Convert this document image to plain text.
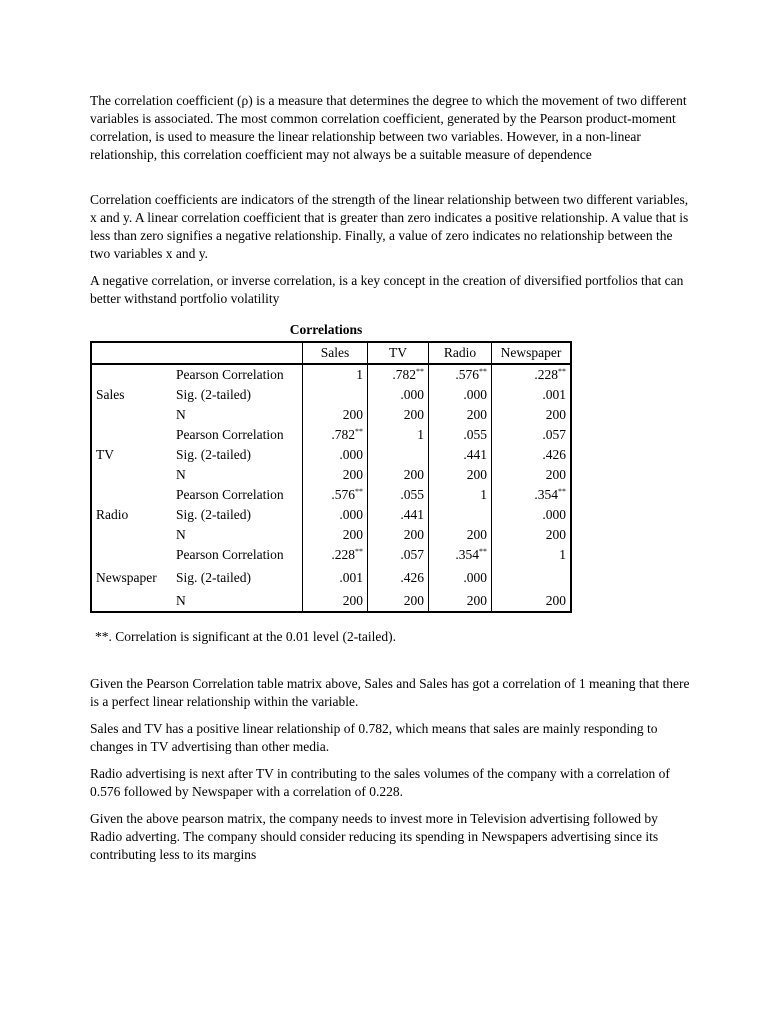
The correlation coefficient (ρ) is a measure that determines the degree to which the movement of two different variables is associated. The most common correlation coefficient, generated by the Pearson product-moment correlation, is used to measure the linear relationship between two variables. However, in a non-linear relationship, this correlation coefficient may not always be a suitable measure of dependence

Correlation coefficients are indicators of the strength of the linear relationship between two different variables, x and y. A linear correlation coefficient that is greater than zero indicates a positive relationship. A value that is less than zero signifies a negative relationship. Finally, a value of zero indicates no relationship between the two variables x and y.

A negative correlation, or inverse correlation, is a key concept in the creation of diversified portfolios that can better withstand portfolio volatility

Correlations
		Sales	TV	Radio	Newspaper
Sales	Pearson Correlation	1	.782**	.576**	.228**
	Sig. (2-tailed)		.000	.000	.001
	N	200	200	200	200
TV	Pearson Correlation	.782**	1	.055	.057
	Sig. (2-tailed)	.000		.441	.426
	N	200	200	200	200
Radio	Pearson Correlation	.576**	.055	1	.354**
	Sig. (2-tailed)	.000	.441		.000
	N	200	200	200	200
Newspaper	Pearson Correlation	.228**	.057	.354**	1
	Sig. (2-tailed)	.001	.426	.000	
	N	200	200	200	200
**. Correlation is significant at the 0.01 level (2-tailed).

Given the Pearson Correlation table matrix above, Sales and Sales has got a correlation of 1 meaning that there is a perfect linear relationship within the variable.

Sales and TV has a positive linear relationship of 0.782, which means that sales are mainly responding to changes in TV advertising than other media.

Radio advertising is next after TV in contributing to the sales volumes of the company with a correlation of 0.576 followed by Newspaper with a correlation of 0.228.

Given the above pearson matrix, the company needs to invest more in Television advertising followed by Radio adverting. The company should consider reducing its spending in Newspapers advertising since its contributing less to its margins
